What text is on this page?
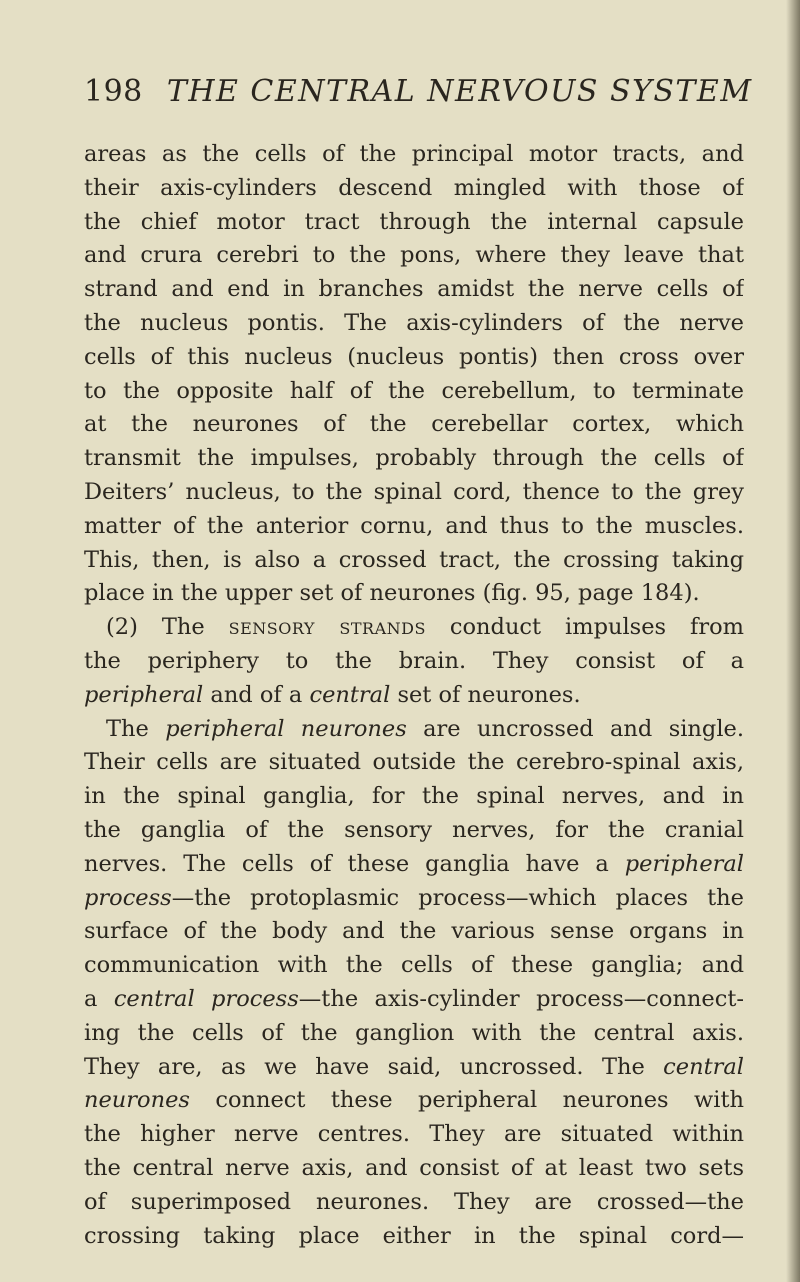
198 THE CENTRAL NERVOUS SYSTEM
areas as the cells of the principal motor tracts, and
their axis-cylinders descend mingled with those of
the chief motor tract through the internal capsule
and crura cerebri to the pons, where they leave that
strand and end in branches amidst the nerve cells of
the nucleus pontis. The axis-cylinders of the nerve
cells of this nucleus (nucleus pontis) then cross over
to the opposite half of the cerebellum, to terminate
at the neurones of the cerebellar cortex, which
transmit the impulses, probably through the cells of
Deiters’ nucleus, to the spinal cord, thence to the grey
matter of the anterior cornu, and thus to the muscles.
This, then, is also a crossed tract, the crossing taking
place in the upper set of neurones (fig. 95, page 184).
(2) The sensory strands conduct impulses from
the periphery to the brain. They consist of a
peripheral and of a central set of neurones.
The peripheral neurones are uncrossed and single.
Their cells are situated outside the cerebro-spinal axis,
in the spinal ganglia, for the spinal nerves, and in
the ganglia of the sensory nerves, for the cranial
nerves. The cells of these ganglia have a peripheral
process—the protoplasmic process—which places the
surface of the body and the various sense organs in
communication with the cells of these ganglia; and
a central process—the axis-cylinder process—connect-
ing the cells of the ganglion with the central axis.
They are, as we have said, uncrossed. The central
neurones connect these peripheral neurones with
the higher nerve centres. They are situated within
the central nerve axis, and consist of at least two sets
of superimposed neurones. They are crossed—the
crossing taking place either in the spinal cord—
